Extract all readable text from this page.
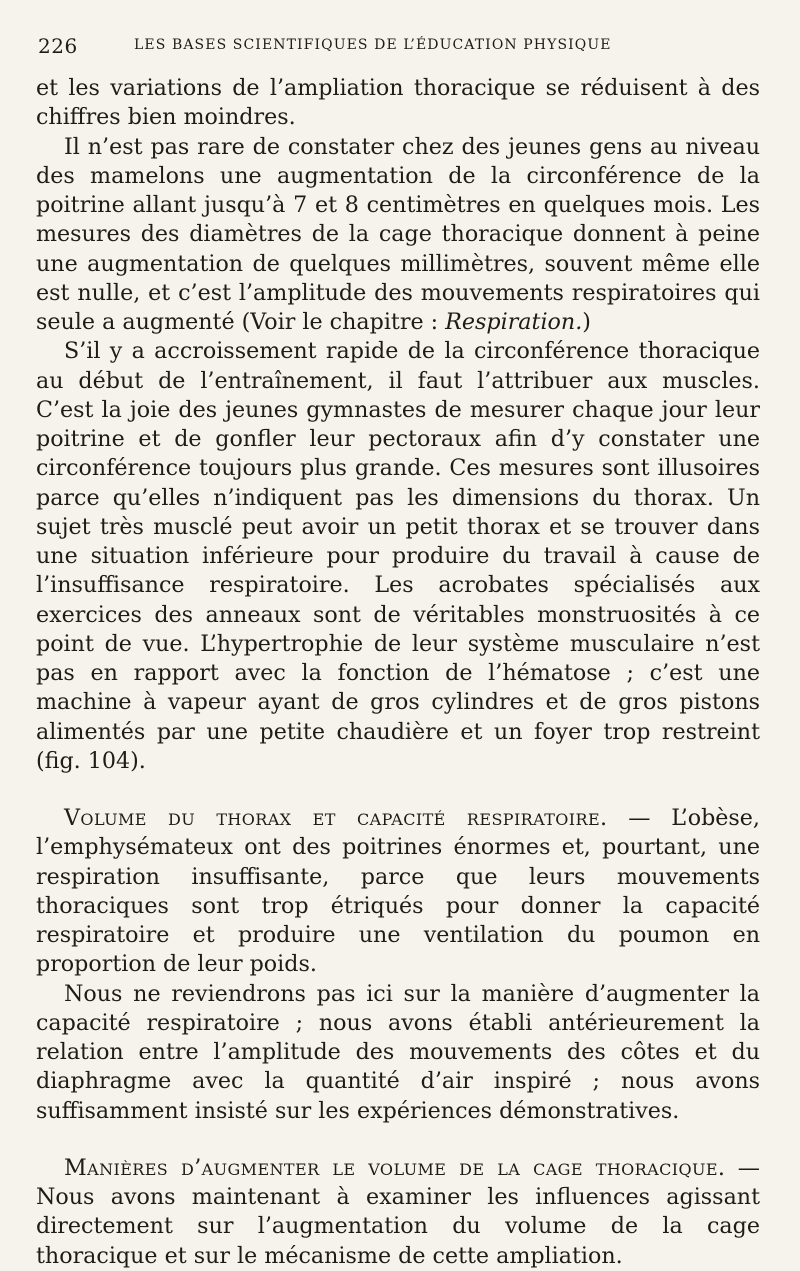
226	LES BASES SCIENTIFIQUES DE L’ÉDUCATION PHYSIQUE

et les variations de l’ampliation thoracique se réduisent à des chiffres bien moindres.

Il n’est pas rare de constater chez des jeunes gens au niveau des mamelons une augmentation de la circonférence de la poitrine allant jusqu’à 7 et 8 centimètres en quelques mois. Les mesures des diamètres de la cage thoracique donnent à peine une augmentation de quelques millimètres, souvent même elle est nulle, et c’est l’amplitude des mouvements respiratoires qui seule a augmenté (Voir le chapitre : Respiration.)

S’il y a accroissement rapide de la circonférence thoracique au début de l’entraînement, il faut l’attribuer aux muscles. C’est la joie des jeunes gymnastes de mesurer chaque jour leur poitrine et de gonfler leur pectoraux afin d’y constater une circonférence toujours plus grande. Ces mesures sont illusoires parce qu’elles n’indiquent pas les dimensions du thorax. Un sujet très musclé peut avoir un petit thorax et se trouver dans une situation inférieure pour produire du travail à cause de l’insuffisance respiratoire. Les acrobates spécialisés aux exercices des anneaux sont de véritables monstruosités à ce point de vue. L’hypertrophie de leur système musculaire n’est pas en rapport avec la fonction de l’hématose ; c’est une machine à vapeur ayant de gros cylindres et de gros pistons alimentés par une petite chaudière et un foyer trop restreint (fig. 104).

Volume du thorax et capacité respiratoire. — L’obèse, l’emphysémateux ont des poitrines énormes et, pourtant, une respiration insuffisante, parce que leurs mouvements thoraciques sont trop étriqués pour donner la capacité respiratoire et produire une ventilation du poumon en proportion de leur poids.

Nous ne reviendrons pas ici sur la manière d’augmenter la capacité respiratoire ; nous avons établi antérieurement la relation entre l’amplitude des mouvements des côtes et du diaphragme avec la quantité d’air inspiré ; nous avons suffisamment insisté sur les expériences démonstratives.

Manières d’augmenter le volume de la cage thoracique. — Nous avons maintenant à examiner les influences agissant directement sur l’augmentation du volume de la cage thoracique et sur le mécanisme de cette ampliation.
